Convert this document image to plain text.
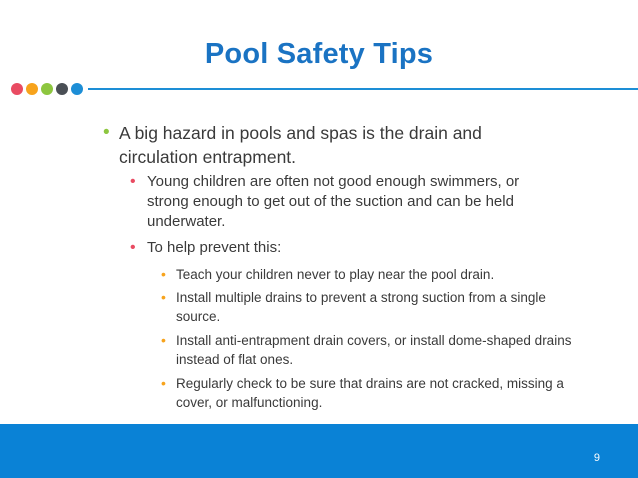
Pool Safety Tips
• A big hazard in pools and spas is the drain and circulation entrapment.
• Young children are often not good enough swimmers, or strong enough to get out of the suction and can be held underwater.
• To help prevent this:
• Teach your children never to play near the pool drain.
• Install multiple drains to prevent a strong suction from a single source.
• Install anti-entrapment drain covers, or install dome-shaped drains instead of flat ones.
• Regularly check to be sure that drains are not cracked, missing a cover, or malfunctioning.
9
